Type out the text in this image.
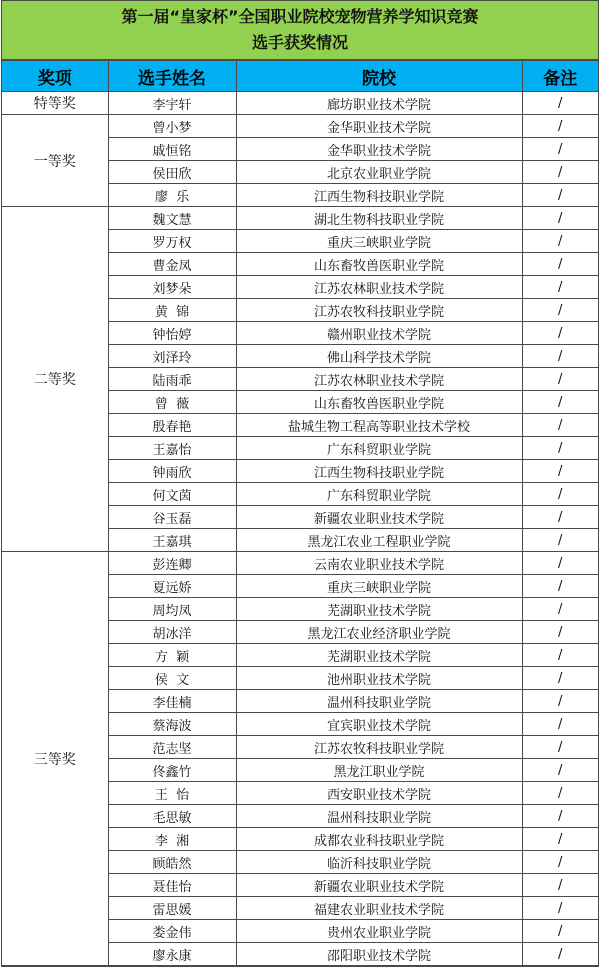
第一届“皇家杯”全国职业院校宠物营养学知识竞赛
选手获奖情况
奖项	选手姓名	院校	备注
特等奖	李宇轩	廊坊职业技术学院	/
一等奖	曾小梦	金华职业技术学院	/
	戚恒铭	金华职业技术学院	/
	侯田欣	北京农业职业学院	/
	廖  乐	江西生物科技职业学院	/
二等奖	魏文慧	湖北生物科技职业学院	/
	罗万权	重庆三峡职业学院	/
	曹金凤	山东畜牧兽医职业学院	/
	刘梦朵	江苏农林职业技术学院	/
	黄  锦	江苏农牧科技职业学院	/
	钟怡婷	赣州职业技术学院	/
	刘泽玲	佛山科学技术学院	/
	陆雨乖	江苏农林职业技术学院	/
	曾  薇	山东畜牧兽医职业学院	/
	殷春艳	盐城生物工程高等职业技术学校	/
	王嘉怡	广东科贸职业学院	/
	钟雨欣	江西生物科技职业学院	/
	何文茵	广东科贸职业学院	/
	谷玉磊	新疆农业职业技术学院	/
	王嘉琪	黑龙江农业工程职业学院	/
三等奖	彭连卿	云南农业职业技术学院	/
	夏远娇	重庆三峡职业学院	/
	周均凤	芜湖职业技术学院	/
	胡冰洋	黑龙江农业经济职业学院	/
	方  颖	芜湖职业技术学院	/
	侯  文	池州职业技术学院	/
	李佳楠	温州科技职业学院	/
	蔡海波	宜宾职业技术学院	/
	范志坚	江苏农牧科技职业学院	/
	佟鑫竹	黑龙江职业学院	/
	王  怡	西安职业技术学院	/
	毛思敏	温州科技职业学院	/
	李  湘	成都农业科技职业学院	/
	顾皓然	临沂科技职业学院	/
	聂佳怡	新疆农业职业技术学院	/
	雷思媛	福建农业职业技术学院	/
	娄金伟	贵州农业职业学院	/
	廖永康	邵阳职业技术学院	/
